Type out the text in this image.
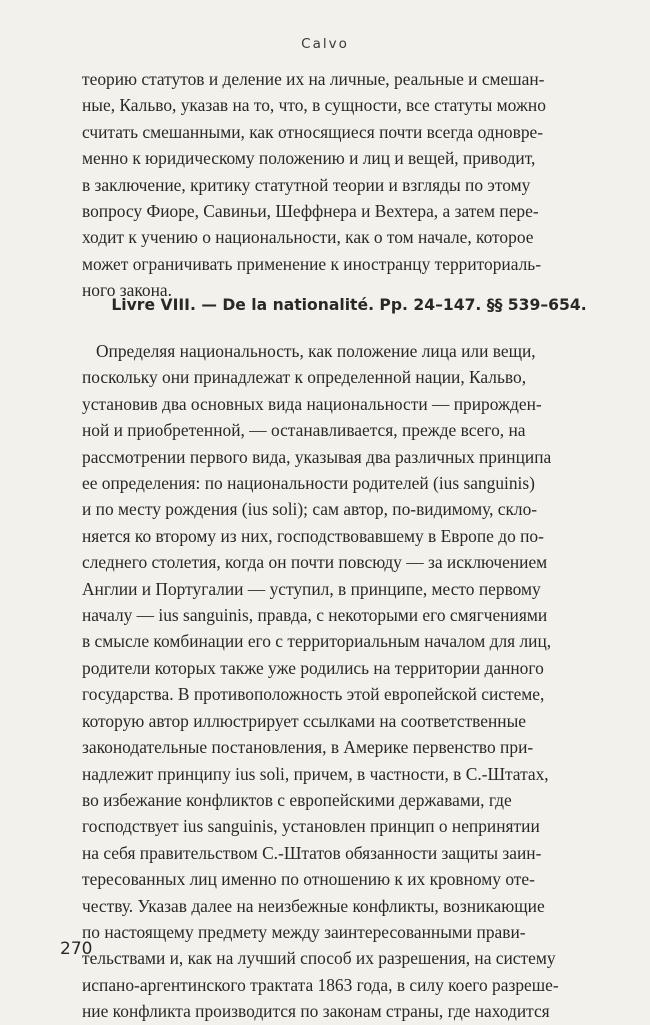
Calvo
теорию статутов и деление их на личные, реальные и смешан-
ные, Кальво, указав на то, что, в сущности, все статуты можно
считать смешанными, как относящиеся почти всегда одновре-
менно к юридическому положению и лиц и вещей, приводит,
в заключение, критику статутной теории и взгляды по этому
вопросу Фиоре, Савиньи, Шеффнера и Вехтера, а затем пере-
ходит к учению о национальности, как о том начале, которое
может ограничивать применение к иностранцу территориаль-
ного закона.
Livre VIII. — De la nationalité. Pp. 24–147. §§ 539–654.
Определяя национальность, как положение лица или вещи,
поскольку они принадлежат к определенной нации, Кальво,
установив два основных вида национальности — прирожден-
ной и приобретенной, — останавливается, прежде всего, на
рассмотрении первого вида, указывая два различных принципа
ее определения: по национальности родителей (ius sanguinis)
и по месту рождения (ius soli); сам автор, по-видимому, скло-
няется ко второму из них, господствовавшему в Европе до по-
следнего столетия, когда он почти повсюду — за исключением
Англии и Португалии — уступил, в принципе, место первому
началу — ius sanguinis, правда, с некоторыми его смягчениями
в смысле комбинации его с территориальным началом для лиц,
родители которых также уже родились на территории данного
государства. В противоположность этой европейской системе,
которую автор иллюстрирует ссылками на соответственные
законодательные постановления, в Америке первенство при-
надлежит принципу ius soli, причем, в частности, в С.-Штатах,
во избежание конфликтов с европейскими державами, где
господствует ius sanguinis, установлен принцип о непринятии
на себя правительством С.-Штатов обязанности защиты заин-
тересованных лиц именно по отношению к их кровному оте-
честву. Указав далее на неизбежные конфликты, возникающие
по настоящему предмету между заинтересованными прави-
тельствами и, как на лучший способ их разрешения, на систему
испано-аргентинского трактата 1863 года, в силу коего разреше-
ние конфликта производится по законам страны, где находится
270
